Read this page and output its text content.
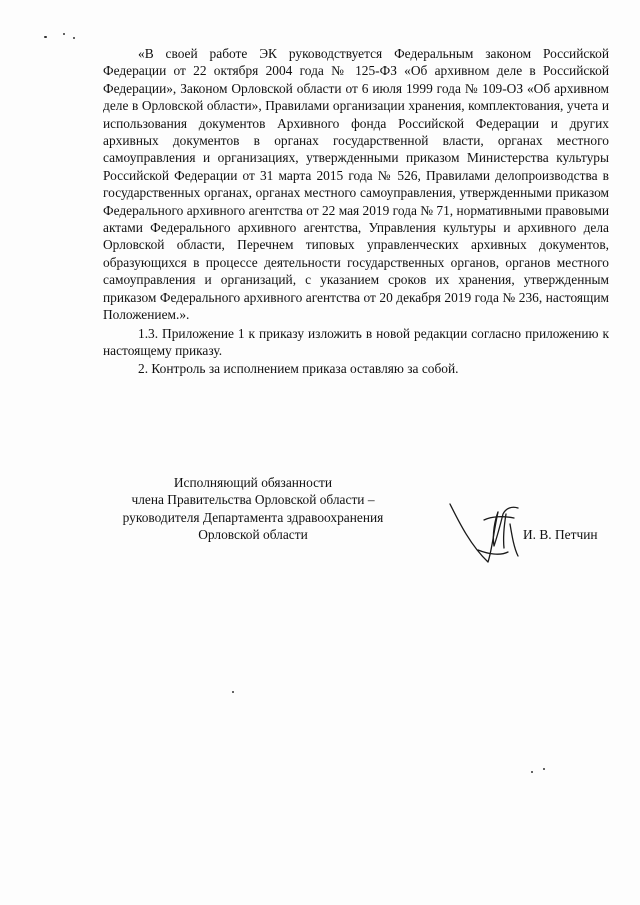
«В своей работе ЭК руководствуется Федеральным законом Российской Федерации от 22 октября 2004 года № 125-ФЗ «Об архивном деле в Российской Федерации», Законом Орловской области от 6 июля 1999 года № 109-ОЗ «Об архивном деле в Орловской области», Правилами организации хранения, комплектования, учета и использования документов Архивного фонда Российской Федерации и других архивных документов в органах государственной власти, органах местного самоуправления и организациях, утвержденными приказом Министерства культуры Российской Федерации от 31 марта 2015 года № 526, Правилами делопроизводства в государственных органах, органах местного самоуправления, утвержденными приказом Федерального архивного агентства от 22 мая 2019 года № 71, нормативными правовыми актами Федерального архивного агентства, Управления культуры и архивного дела Орловской области, Перечнем типовых управленческих архивных документов, образующихся в процессе деятельности государственных органов, органов местного самоуправления и организаций, с указанием сроков их хранения, утвержденным приказом Федерального архивного агентства от 20 декабря 2019 года № 236, настоящим Положением.».

1.3. Приложение 1 к приказу изложить в новой редакции согласно приложению к настоящему приказу.

2. Контроль за исполнением приказа оставляю за собой.

Исполняющий обязанности
члена Правительства Орловской области –
руководителя Департамента здравоохранения
Орловской области	И. В. Петчин
